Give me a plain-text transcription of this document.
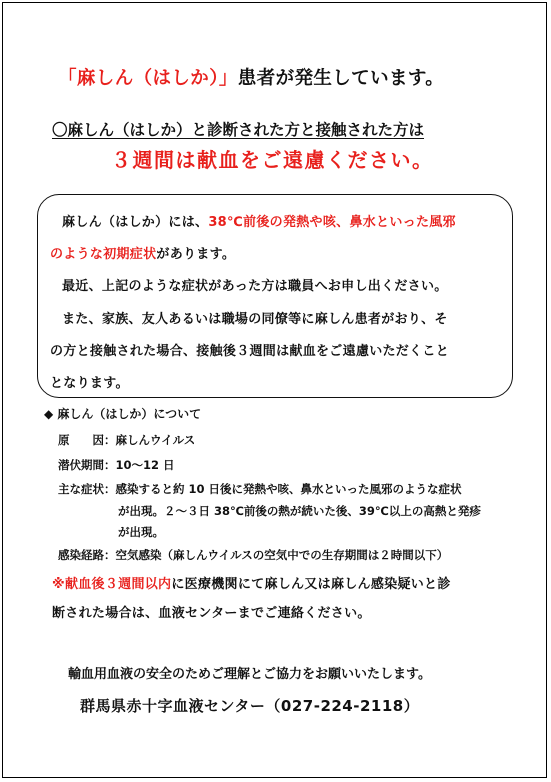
「麻しん（はしか）」患者が発生しています。
〇麻しん（はしか）と診断された方と接触された方は
３週間は献血をご遠慮ください。
麻しん（はしか）には、38℃前後の発熱や咳、鼻水といった風邪
のような初期症状があります。
最近、上記のような症状があった方は職員へお申し出ください。
また、家族、友人あるいは職場の同僚等に麻しん患者がおり、そ
の方と接触された場合、接触後３週間は献血をご遠慮いただくこと
となります。
◆ 麻しん（はしか）について
原　　因：麻しんウイルス
潜伏期間：10〜12 日
主な症状：感染すると約 10 日後に発熱や咳、鼻水といった風邪のような症状
が出現。２〜３日 38℃前後の熱が続いた後、39℃以上の高熱と発疹
が出現。
感染経路：空気感染（麻しんウイルスの空気中での生存期間は２時間以下）
※献血後３週間以内に医療機関にて麻しん又は麻しん感染疑いと診
断された場合は、血液センターまでご連絡ください。
輸血用血液の安全のためご理解とご協力をお願いいたします。
群馬県赤十字血液センター（027-224-2118）
